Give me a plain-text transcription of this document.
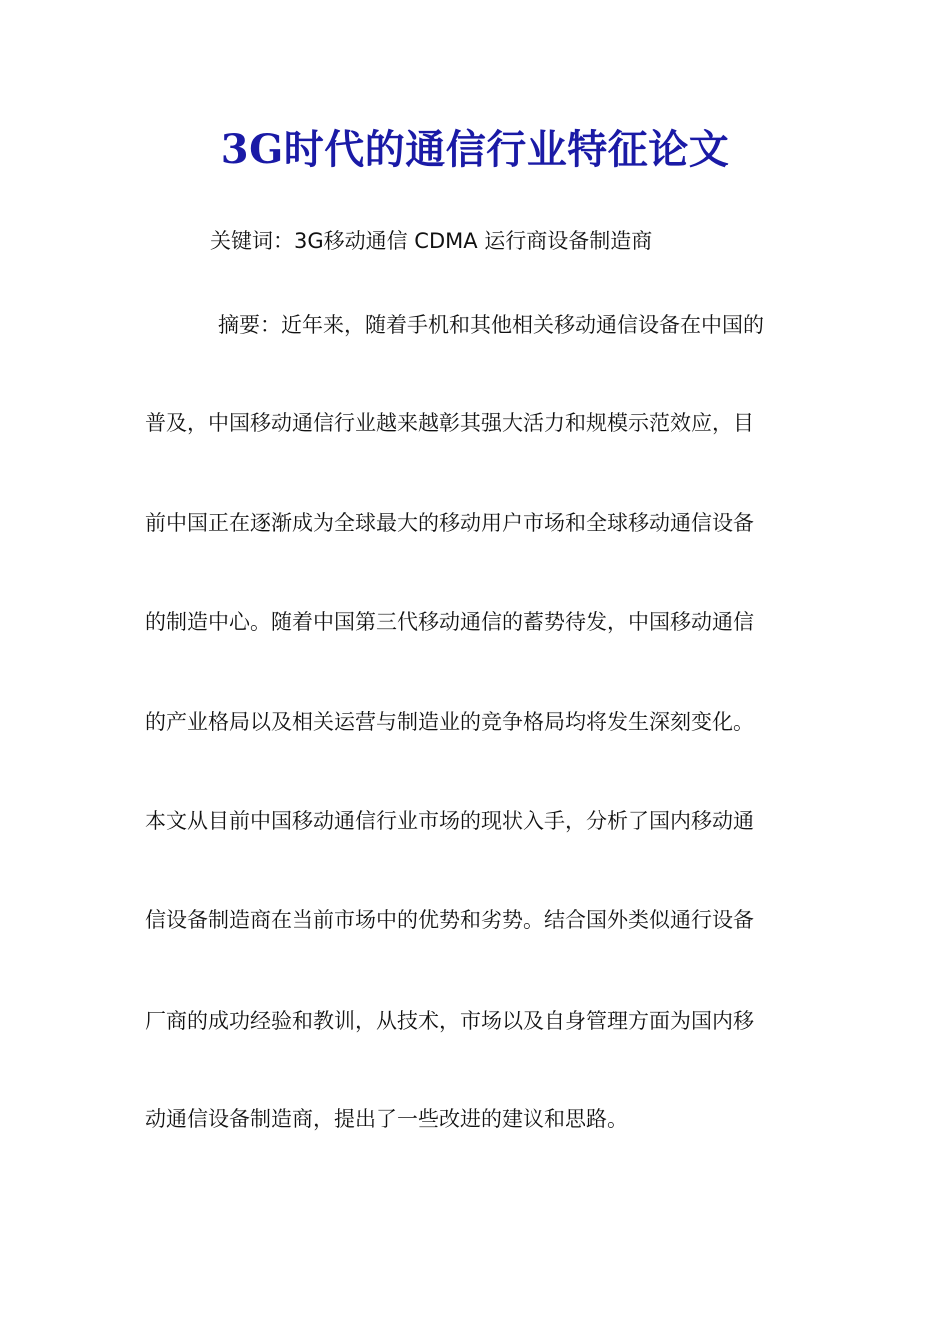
3G时代的通信行业特征论文
关键词：3G移动通信 CDMA 运行商设备制造商
摘要：近年来，随着手机和其他相关移动通信设备在中国的
普及，中国移动通信行业越来越彰其强大活力和规模示范效应，目
前中国正在逐渐成为全球最大的移动用户市场和全球移动通信设备
的制造中心。随着中国第三代移动通信的蓄势待发，中国移动通信
的产业格局以及相关运营与制造业的竞争格局均将发生深刻变化。
本文从目前中国移动通信行业市场的现状入手，分析了国内移动通
信设备制造商在当前市场中的优势和劣势。结合国外类似通行设备
厂商的成功经验和教训，从技术，市场以及自身管理方面为国内移
动通信设备制造商，提出了一些改进的建议和思路。
